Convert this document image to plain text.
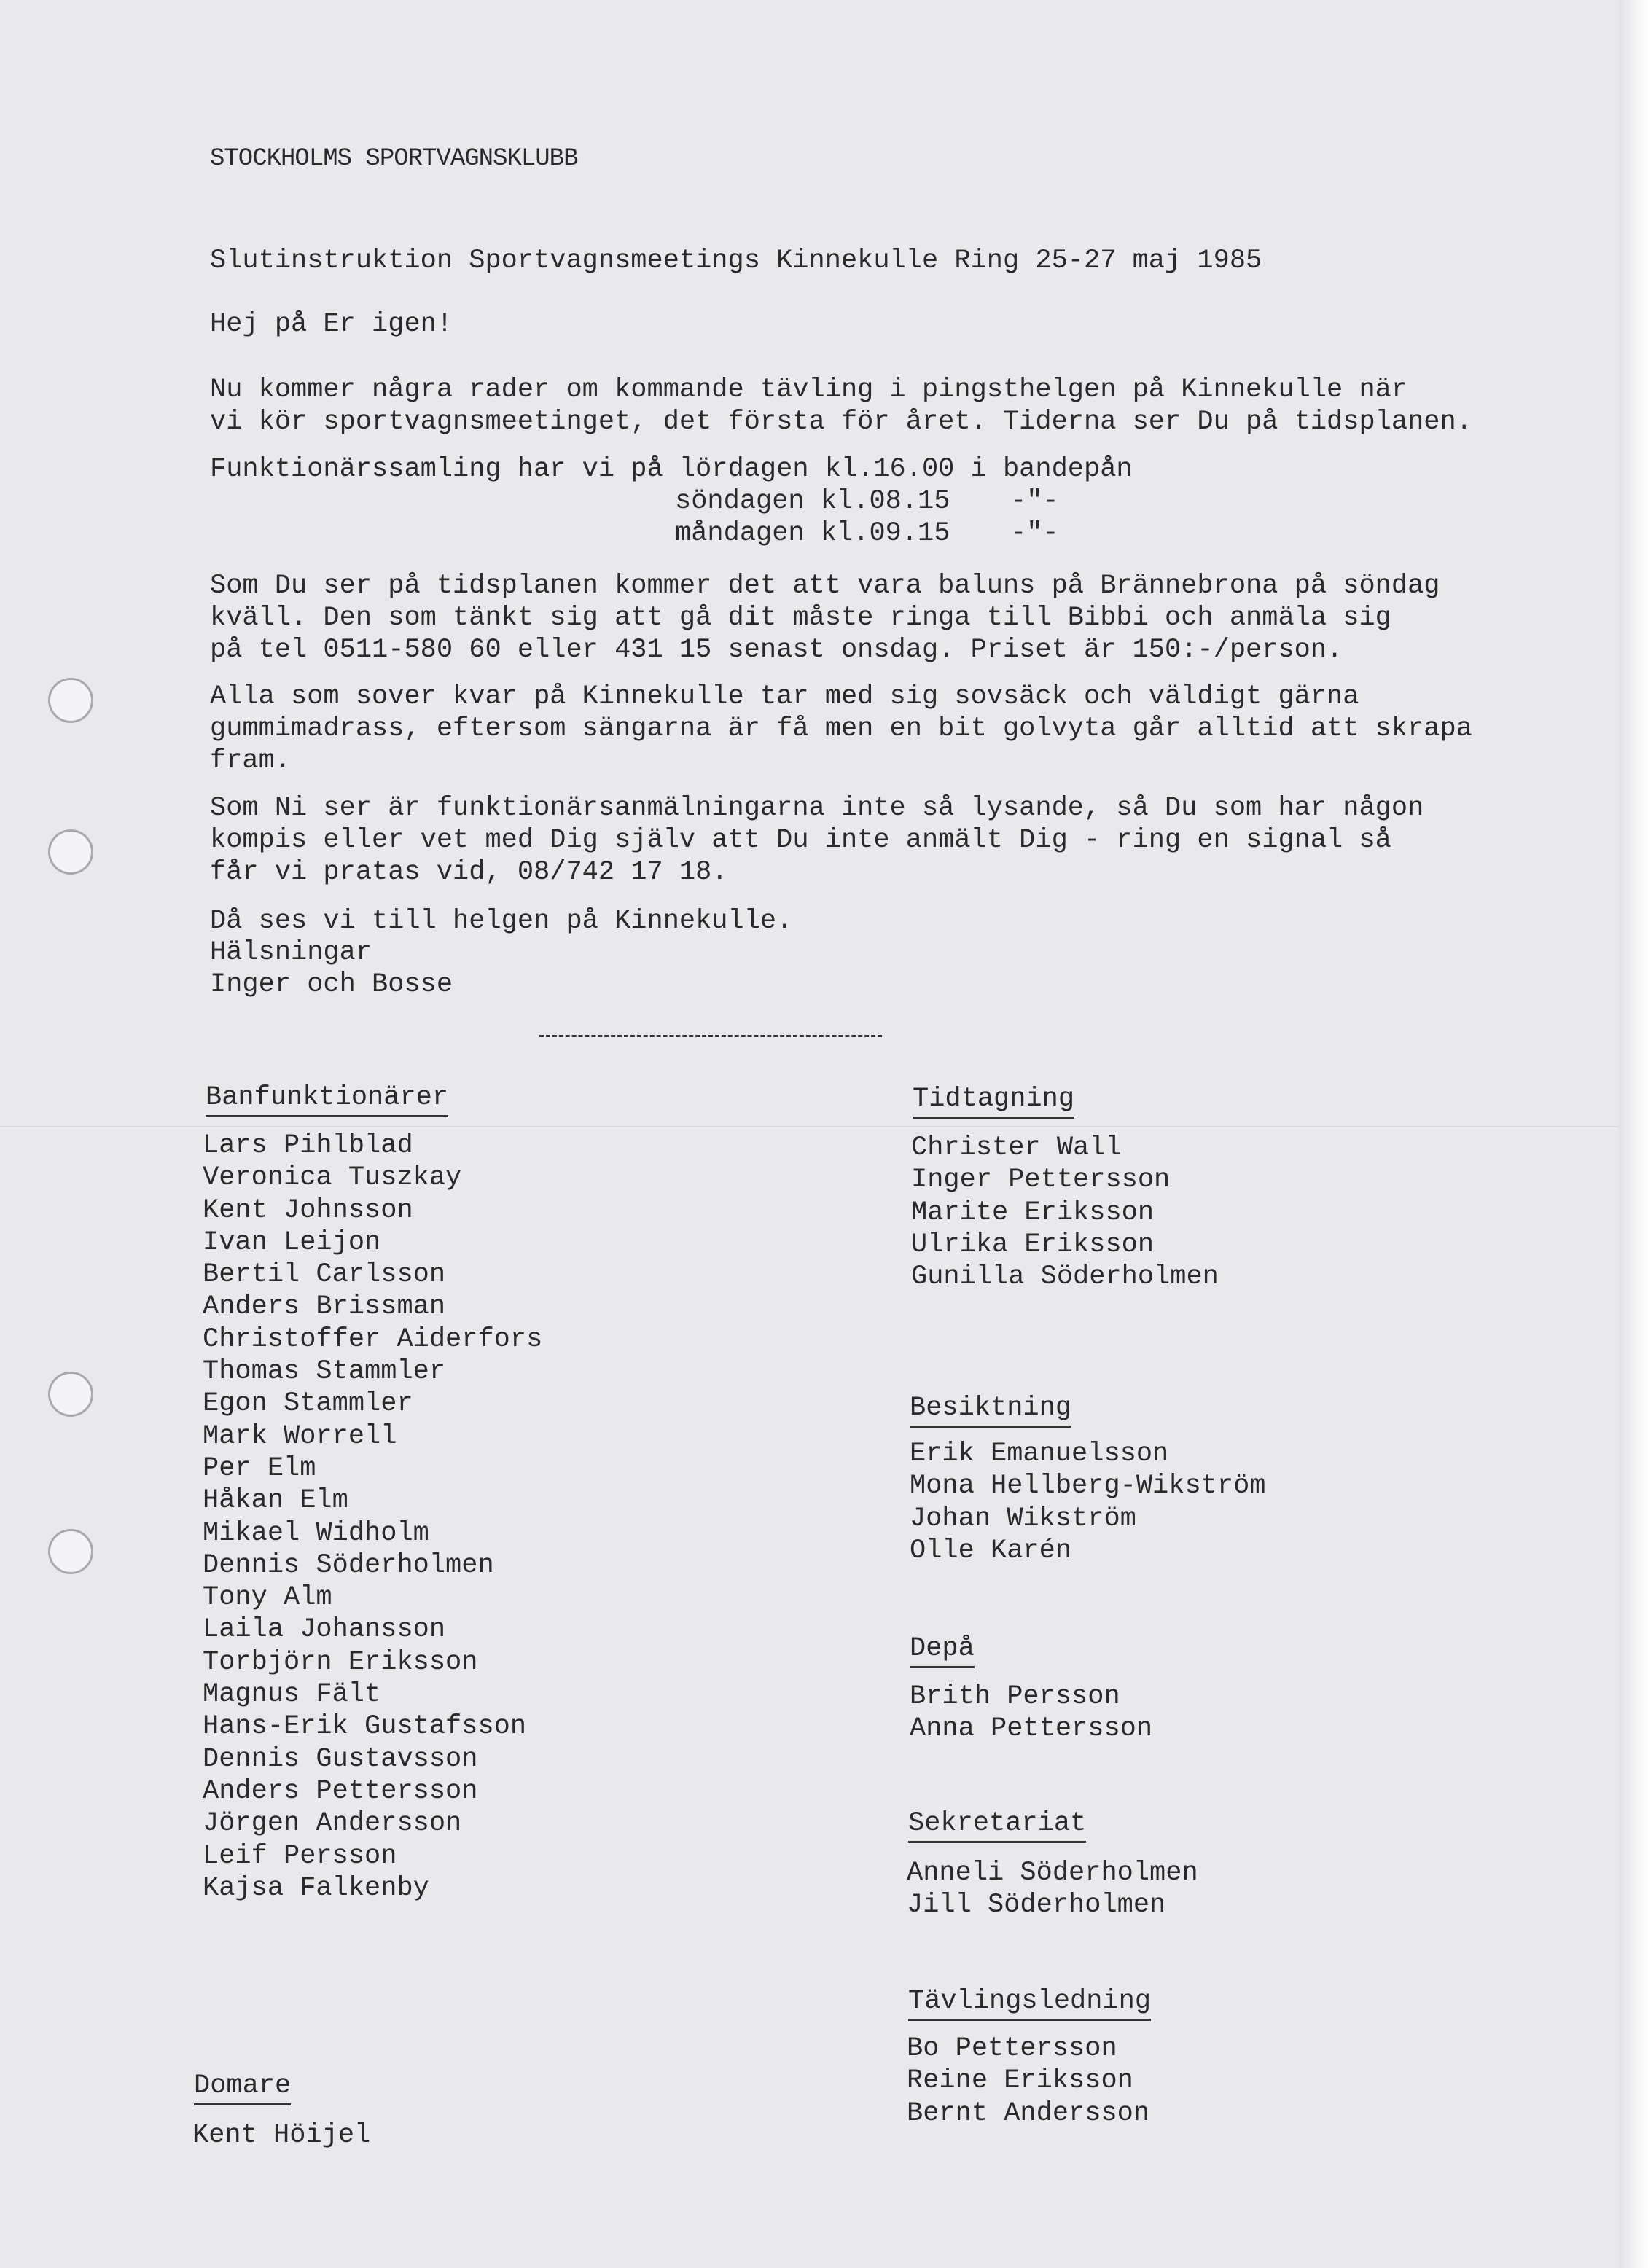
STOCKHOLMS SPORTVAGNSKLUBB
Slutinstruktion Sportvagnsmeetings Kinnekulle Ring 25-27 maj 1985
Hej på Er igen!
Nu kommer några rader om kommande tävling i pingsthelgen på Kinnekulle när
vi kör sportvagnsmeetinget, det första för året. Tiderna ser Du på tidsplanen.
Funktionärssamling har vi på lördagen kl.16.00 i bandepån
söndagen kl.08.15 -"-
måndagen kl.09.15 -"-
Som Du ser på tidsplanen kommer det att vara baluns på Brännebrona på söndag
kväll. Den som tänkt sig att gå dit måste ringa till Bibbi och anmäla sig
på tel 0511-580 60 eller 431 15 senast onsdag. Priset är 150:-/person.
Alla som sover kvar på Kinnekulle tar med sig sovsäck och väldigt gärna
gummimadrass, eftersom sängarna är få men en bit golvyta går alltid att skrapa
fram.
Som Ni ser är funktionärsanmälningarna inte så lysande, så Du som har någon
kompis eller vet med Dig själv att Du inte anmält Dig - ring en signal så
får vi pratas vid, 08/742 17 18.
Då ses vi till helgen på Kinnekulle.
Hälsningar
Inger och Bosse
Banfunktionärer
Lars Pihlblad
Veronica Tuszkay
Kent Johnsson
Ivan Leijon
Bertil Carlsson
Anders Brissman
Christoffer Aiderfors
Thomas Stammler
Egon Stammler
Mark Worrell
Per Elm
Håkan Elm
Mikael Widholm
Dennis Söderholmen
Tony Alm
Laila Johansson
Torbjörn Eriksson
Magnus Fält
Hans-Erik Gustafsson
Dennis Gustavsson
Anders Pettersson
Jörgen Andersson
Leif Persson
Kajsa Falkenby
Domare
Kent Höijel
Tidtagning
Christer Wall
Inger Pettersson
Marite Eriksson
Ulrika Eriksson
Gunilla Söderholmen
Besiktning
Erik Emanuelsson
Mona Hellberg-Wikström
Johan Wikström
Olle Karén
Depå
Brith Persson
Anna Pettersson
Sekretariat
Anneli Söderholmen
Jill Söderholmen
Tävlingsledning
Bo Pettersson
Reine Eriksson
Bernt Andersson
